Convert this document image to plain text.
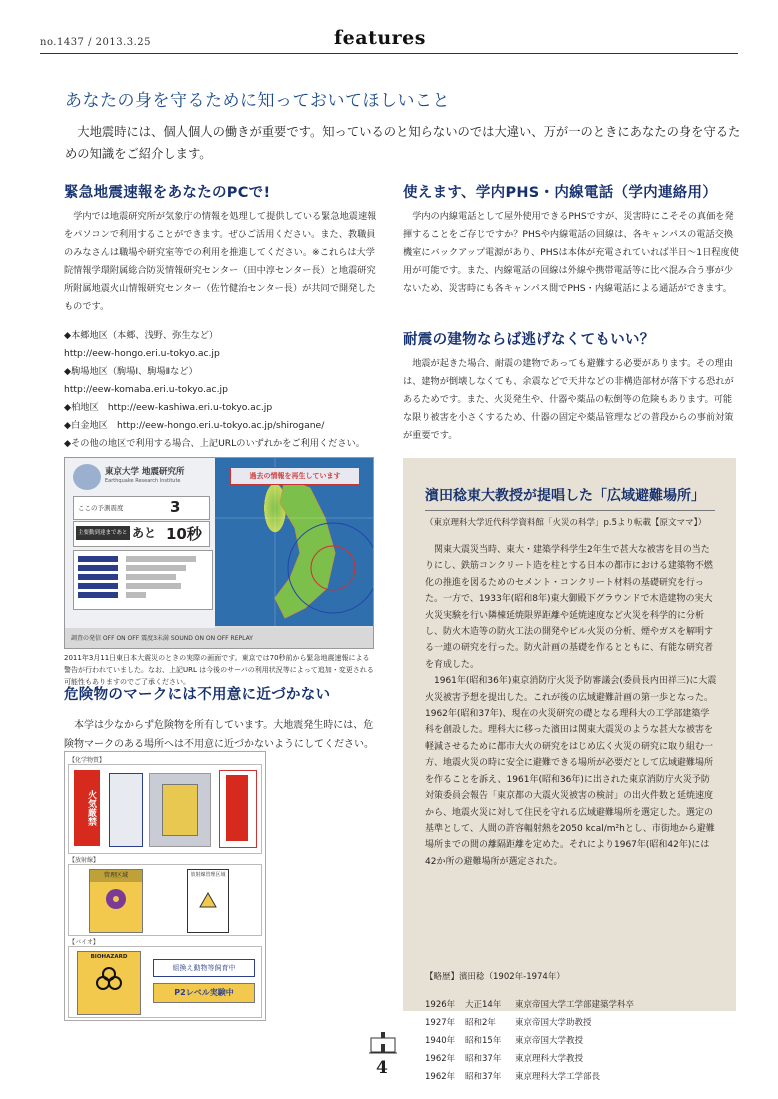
no.1437 / 2013.3.25	features
あなたの身を守るために知っておいてほしいこと

大地震時には、個人個人の働きが重要です。知っているのと知らないのでは大違い、万が一のときにあなたの身を守るための知識をご紹介します。

緊急地震速報をあなたのPCで!

学内では地震研究所が気象庁の情報を処理して提供している緊急地震速報をパソコンで利用することができます。ぜひご活用ください。また、教職員のみなさんは職場や研究室等での利用を推進してください。※これらは大学院情報学環附属総合防災情報研究センター（田中淳センター長）と地震研究所附属地震火山情報研究センター（佐竹健治センター長）が共同で開発したものです。

◆本郷地区（本郷、浅野、弥生など）

http://eew-hongo.eri.u-tokyo.ac.jp

◆駒場地区（駒場Ⅰ、駒場Ⅱなど）

http://eew-komaba.eri.u-tokyo.ac.jp

◆柏地区　http://eew-kashiwa.eri.u-tokyo.ac.jp

◆白金地区　http://eew-hongo.eri.u-tokyo.ac.jp/shirogane/

◆その他の地区で利用する場合、上記URLのいずれかをご利用ください。

東京大学 地震研究所
Earthquake Research Institute
ここの予測震度	3
主要動到達まであと あと 10秒
過去の情報を再生しています
調査の発信 OFF ON OFF 震度3未満 SOUND ON ON OFF REPLAY

2011年3月11日東日本大震災のときの実際の画面です。東京では70秒前から緊急地震速報による警告が行われていました。なお、上記URL は今後のサーバの利用状況等によって追加・変更される可能性もありますのでご了承ください。

危険物のマークには不用意に近づかない

本学は少なからず危険物を所有しています。大地震発生時には、危険物マークのある場所へは不用意に近づかないようにしてください。

【化学物質】
火気厳禁
【放射線】
管理区域	放射線管理区域
【バイオ】
BIOHAZARD
組換え動物等飼育中
P2レベル実験中
使えます、学内PHS・内線電話（学内連絡用）

学内の内線電話として屋外使用できるPHSですが、災害時にこそその真価を発揮することをご存じですか？PHSや内線電話の回線は、各キャンパスの電話交換機室にバックアップ電源があり、PHSは本体が充電されていれば半日〜1日程度使用が可能です。また、内線電話の回線は外線や携帯電話等に比べ混み合う事が少ないため、災害時にも各キャンパス間でPHS・内線電話による通話ができます。

耐震の建物ならば逃げなくてもいい？

地震が起きた場合、耐震の建物であっても避難する必要があります。その理由は、建物が倒壊しなくても、余震などで天井などの非構造部材が落下する恐れがあるためです。また、火災発生や、什器や薬品の転倒等の危険もあります。可能な限り被害を小さくするため、什器の固定や薬品管理などの普段からの事前対策が重要です。

濱田稔東大教授が提唱した「広域避難場所」
（東京理科大学近代科学資料館「火災の科学」p.5より転載【原文ママ】）

関東大震災当時、東大・建築学科学生2年生で甚大な被害を目の当たりにし、鉄筋コンクリート造を柱とする日本の都市における建築物不燃化の推進を図るためのセメント・コンクリート材料の基礎研究を行った。一方で、1933年(昭和8年)東大御殿下グラウンドで木造建物の実大火災実験を行い隣棟延焼限界距離や延焼速度など火災を科学的に分析し、防火木造等の防火工法の開発やビル火災の分析、煙やガスを解明する一連の研究を行った。防火計画の基礎を作るとともに、有能な研究者を育成した。

1961年(昭和36年)東京消防庁火災予防審議会(委員長内田祥三)に大震火災被害予想を提出した。これが後の広域避難計画の第一歩となった。1962年(昭和37年)、現在の火災研究の礎となる理科大の工学部建築学科を創設した。理科大に移った濱田は関東大震災のような甚大な被害を軽減させるために都市大火の研究をはじめ広く火災の研究に取り組む一方、地震火災の時に安全に避難できる場所が必要だとして広域避難場所を作ることを訴え、1961年(昭和36年)に出された東京消防庁火災予防対策委員会報告「東京都の大震火災被害の検討」の出火件数と延焼速度から、地震火災に対して住民を守れる広域避難場所を選定した。選定の基準として、人間の許容輻射熱を2050 kcal/m²hとし、市街地から避難場所までの間の離隔距離を定めた。それにより1967年(昭和42年)には42か所の避難場所が選定された。

【略歴】濱田稔（1902年-1974年）
1926年 大正14年 東京帝国大学工学部建築学科卒
1927年 昭和2年 東京帝国大学助教授
1940年 昭和15年 東京帝国大学教授
1962年 昭和37年 東京理科大学教授
1962年 昭和37年 東京理科大学工学部長
4
